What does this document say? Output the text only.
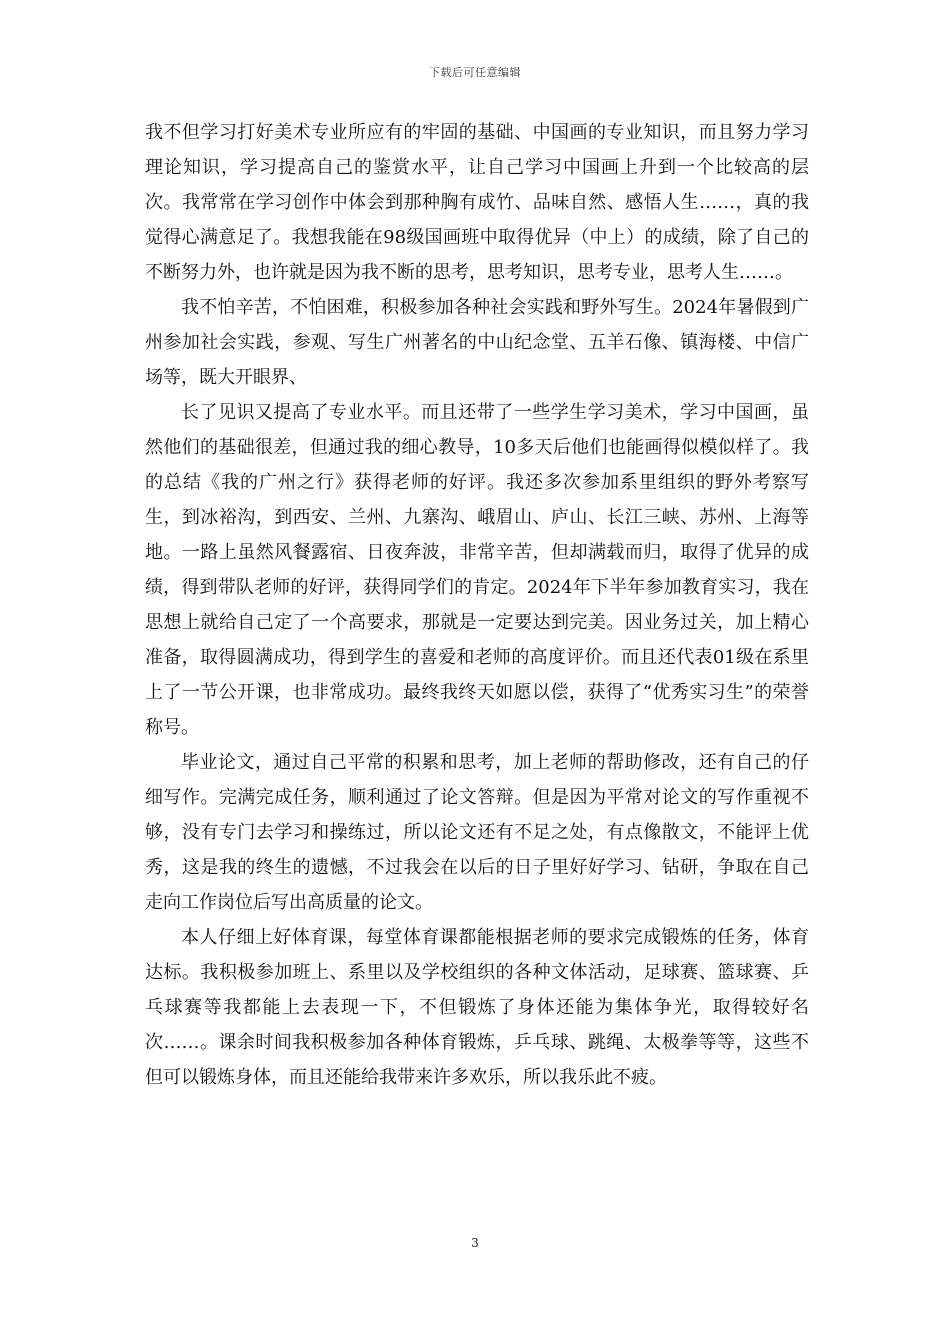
下载后可任意编辑

我不但学习打好美术专业所应有的牢固的基础、中国画的专业知识，而且努力学习理论知识，学习提高自己的鉴赏水平，让自己学习中国画上升到一个比较高的层次。我常常在学习创作中体会到那种胸有成竹、品味自然、感悟人生……，真的我觉得心满意足了。我想我能在98级国画班中取得优异（中上）的成绩，除了自己的不断努力外，也许就是因为我不断的思考，思考知识，思考专业，思考人生……。

我不怕辛苦，不怕困难，积极参加各种社会实践和野外写生。2024年暑假到广州参加社会实践，参观、写生广州著名的中山纪念堂、五羊石像、镇海楼、中信广场等，既大开眼界、

长了见识又提高了专业水平。而且还带了一些学生学习美术，学习中国画，虽然他们的基础很差，但通过我的细心教导，10多天后他们也能画得似模似样了。我的总结《我的广州之行》获得老师的好评。我还多次参加系里组织的野外考察写生，到冰裕沟，到西安、兰州、九寨沟、峨眉山、庐山、长江三峡、苏州、上海等地。一路上虽然风餐露宿、日夜奔波，非常辛苦，但却满载而归，取得了优异的成绩，得到带队老师的好评，获得同学们的肯定。2024年下半年参加教育实习，我在思想上就给自己定了一个高要求，那就是一定要达到完美。因业务过关，加上精心准备，取得圆满成功，得到学生的喜爱和老师的高度评价。而且还代表01级在系里上了一节公开课，也非常成功。最终我终天如愿以偿，获得了“优秀实习生”的荣誉称号。

毕业论文，通过自己平常的积累和思考，加上老师的帮助修改，还有自己的仔细写作。完满完成任务，顺利通过了论文答辩。但是因为平常对论文的写作重视不够，没有专门去学习和操练过，所以论文还有不足之处，有点像散文，不能评上优秀，这是我的终生的遗憾，不过我会在以后的日子里好好学习、钻研，争取在自己走向工作岗位后写出高质量的论文。

本人仔细上好体育课，每堂体育课都能根据老师的要求完成锻炼的任务，体育达标。我积极参加班上、系里以及学校组织的各种文体活动，足球赛、篮球赛、乒乓球赛等我都能上去表现一下，不但锻炼了身体还能为集体争光，取得较好名次……。课余时间我积极参加各种体育锻炼，乒乓球、跳绳、太极拳等等，这些不但可以锻炼身体，而且还能给我带来许多欢乐，所以我乐此不疲。

3
